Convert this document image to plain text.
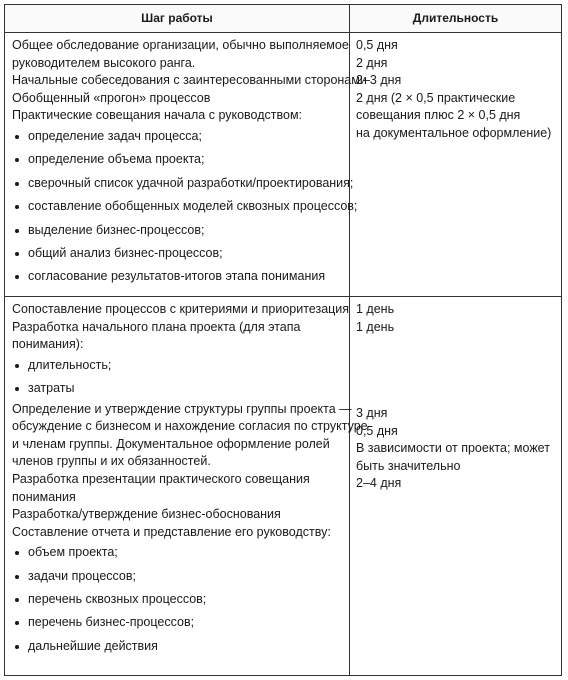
Шаг работы	Длительность
Общее обследование организации, обычно выполняемое
руководителем высокого ранга.
Начальные собеседования с заинтересованными сторонами
Обобщенный «прогон» процессов
Практические совещания начала с руководством:
определение задач процесса;
определение объема проекта;
сверочный список удачной разработки/проектирования;
составление обобщенных моделей сквозных процессов;
выделение бизнес-процессов;
общий анализ бизнес-процессов;
согласование результатов-итогов этапа понимания
0,5 дня
2 дня
2–3 дня
2 дня (2 × 0,5 практические
совещания плюс 2 × 0,5 дня
на документальное оформление)
Сопоставление процессов с критериями и приоритезация
Разработка начального плана проекта (для этапа
понимания):
длительность;
затраты
Определение и утверждение структуры группы проекта —
обсуждение с бизнесом и нахождение согласия по структуре
и членам группы. Документальное оформление ролей
членов группы и их обязанностей.
Разработка презентации практического совещания
понимания
Разработка/утверждение бизнес-обоснования
Составление отчета и представление его руководству:
объем проекта;
задачи процессов;
перечень сквозных процессов;
перечень бизнес-процессов;
дальнейшие действия
1 день
1 день
3 дня
0,5 дня
В зависимости от проекта; может
быть значительно
2–4 дня
